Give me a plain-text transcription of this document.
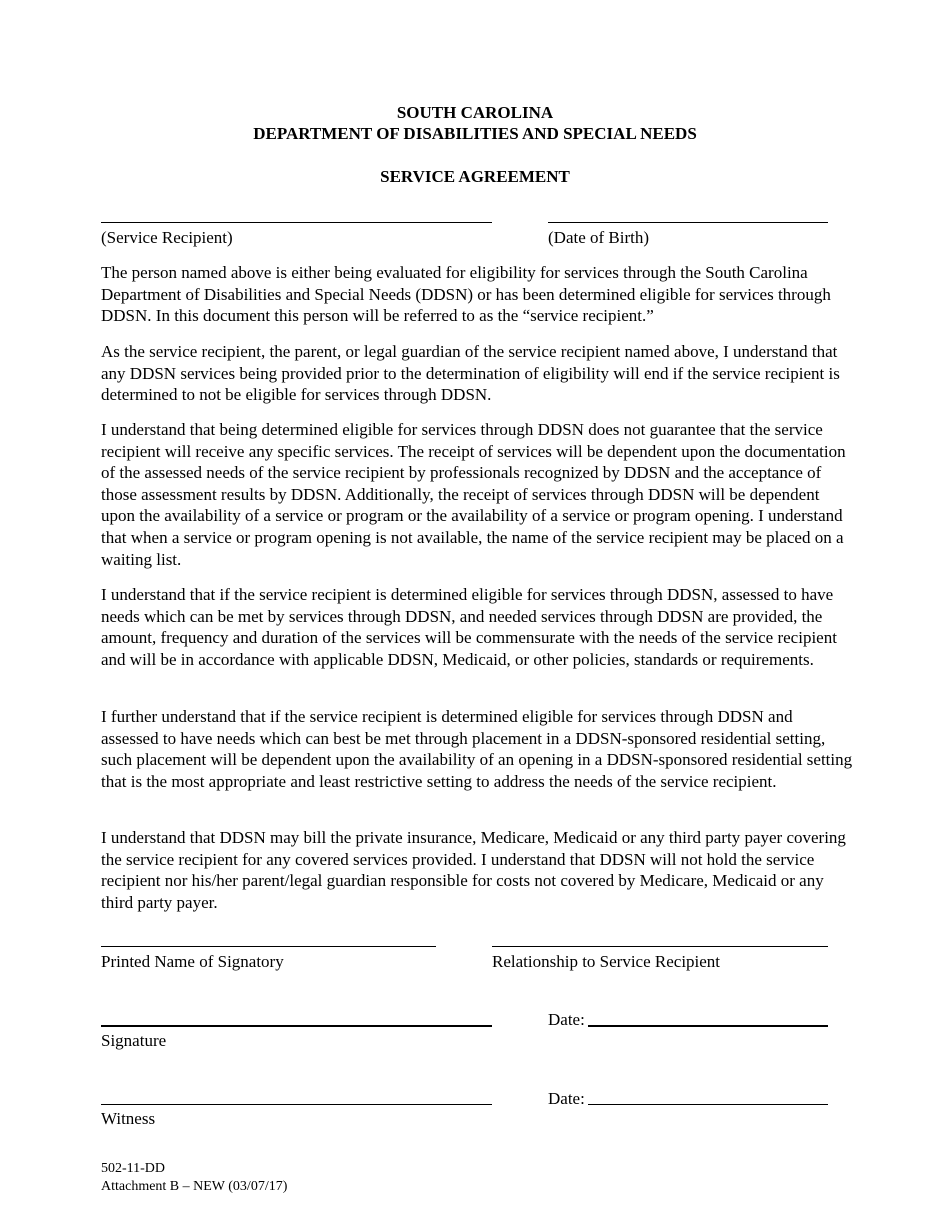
SOUTH CAROLINA
DEPARTMENT OF DISABILITIES AND SPECIAL NEEDS
SERVICE AGREEMENT
(Service Recipient)	(Date of Birth)

The person named above is either being evaluated for eligibility for services through the South Carolina Department of Disabilities and Special Needs (DDSN) or has been determined eligible for services through DDSN. In this document this person will be referred to as the “service recipient.”

As the service recipient, the parent, or legal guardian of the service recipient named above, I understand that any DDSN services being provided prior to the determination of eligibility will end if the service recipient is determined to not be eligible for services through DDSN.

I understand that being determined eligible for services through DDSN does not guarantee that the service recipient will receive any specific services. The receipt of services will be dependent upon the documentation of the assessed needs of the service recipient by professionals recognized by DDSN and the acceptance of those assessment results by DDSN. Additionally, the receipt of services through DDSN will be dependent upon the availability of a service or program or the availability of a service or program opening. I understand that when a service or program opening is not available, the name of the service recipient may be placed on a waiting list.

I understand that if the service recipient is determined eligible for services through DDSN, assessed to have needs which can be met by services through DDSN, and needed services through DDSN are provided, the amount, frequency and duration of the services will be commensurate with the needs of the service recipient and will be in accordance with applicable DDSN, Medicaid, or other policies, standards or requirements.

I further understand that if the service recipient is determined eligible for services through DDSN and assessed to have needs which can best be met through placement in a DDSN-sponsored residential setting, such placement will be dependent upon the availability of an opening in a DDSN-sponsored residential setting that is the most appropriate and least restrictive setting to address the needs of the service recipient.

I understand that DDSN may bill the private insurance, Medicare, Medicaid or any third party payer covering the service recipient for any covered services provided. I understand that DDSN will not hold the service recipient nor his/her parent/legal guardian responsible for costs not covered by Medicare, Medicaid or any third party payer.

Printed Name of Signatory	Relationship to Service Recipient
Date:
Signature
Date:
Witness
502-11-DD
Attachment B – NEW (03/07/17)
